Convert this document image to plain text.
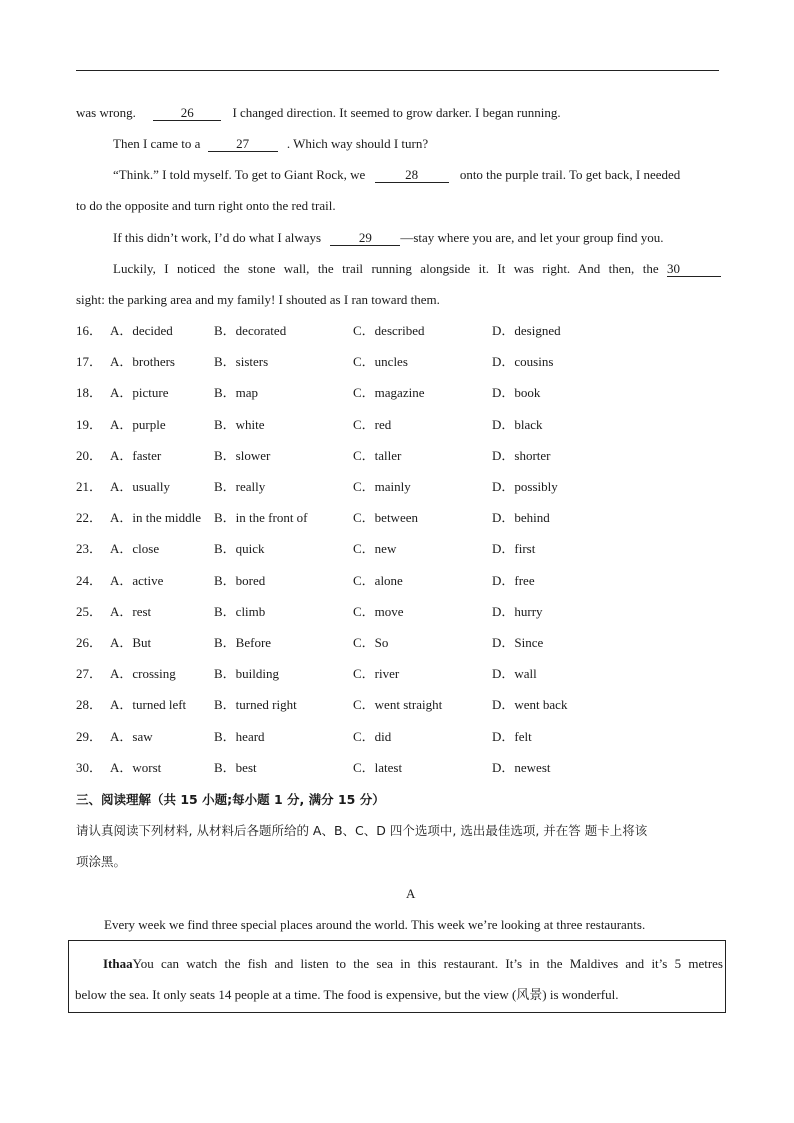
was wrong.	26	I changed direction. It seemed to grow darker. I began running.
Then I came to a	27	. Which way should I turn?
“Think.” I told myself. To get to Giant Rock, we	28	onto the purple trail. To get back, I needed
to do the opposite and turn right onto the red trail.
If this didn’t work, I’d do what I always	29 —stay where you are, and let your group find you.
Luckily, I noticed the stone wall, the trail running alongside it. It was right. And then, the 30
sight: the parking area and my family! I shouted as I ran toward them.
16． A．decided	B．decorated	C．described	D．designed
17． A．brothers	B．sisters	C．uncles	D．cousins
18． A．picture	B．map	C．magazine	D．book
19． A．purple	B．white	C．red	D．black
20． A．faster	B．slower	C．taller	D．shorter
21． A．usually	B．really	C．mainly	D．possibly
22． A．in the middle B．in the front of	C．between	D．behind
23． A．close	B．quick	C．new	D．first
24． A．active	B．bored	C．alone	D．free
25． A．rest	B．climb	C．move	D．hurry
26． A．But	B．Before	C．So	D．Since
27． A．crossing	B．building	C．river	D．wall
28． A．turned left B．turned right	C．went straight	D．went back
29． A．saw	B．heard	C．did	D．felt
30． A．worst	B．best	C．latest	D．newest
三、阅读理解（共 15 小题;每小题 1 分, 满分 15 分）
请认真阅读下列材料, 从材料后各题所给的 A、B、C、D 四个选项中, 选出最佳选项, 并在答 题卡上将该
项涂黑。
A
Every week we find three special places around the world. This week we’re looking at three restaurants.
IthaaYou can watch the fish and listen to the sea in this restaurant. It’s in the Maldives and it’s 5 metres
below the sea. It only seats 14 people at a time. The food is expensive, but the view (风景) is wonderful.
